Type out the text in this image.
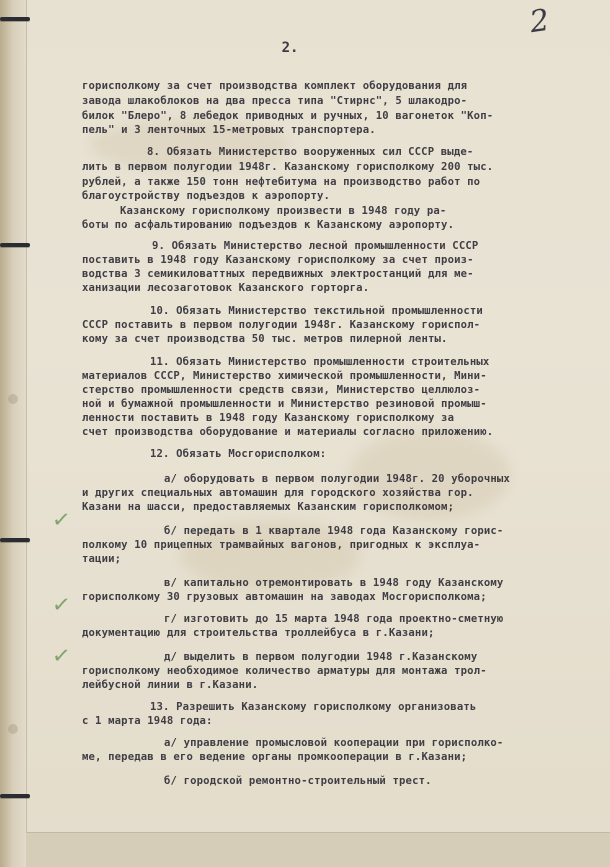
2
2.
✓
✓
✓
горисполкому за счет производства комплект оборудования для
завода шлакоблоков на два пресса типа "Стирнс", 5 шлакодро-
билок "Блеро", 8 лебедок приводных и ручных, 10 вагонеток "Коп-
пель" и 3 ленточных 15-метровых транспортера.
8. Обязать Министерство вооруженных сил СССР выде-
лить в первом полугодии 1948г. Казанскому горисполкому 200 тыс.
рублей, а также 150 тонн нефтебитума на производство работ по
благоустройству подъездов к аэропорту.
Казанскому горисполкому произвести в 1948 году ра-
боты по асфальтированию подъездов к Казанскому аэропорту.
9. Обязать Министерство лесной промышленности СССР
поставить в 1948 году Казанскому горисполкому за счет произ-
водства 3 семикиловаттных передвижных электростанций для ме-
ханизации лесозаготовок Казанского горторга.
10. Обязать Министерство текстильной промышленности
СССР поставить в первом полугодии 1948г. Казанскому гориспол-
кому за счет производства 50 тыс. метров пилерной ленты.
11. Обязать Министерство промышленности строительных
материалов СССР, Министерство химической промышленности, Мини-
стерство промышленности средств связи, Министерство целлюлоз-
ной и бумажной промышленности и Министерство резиновой промыш-
ленности поставить в 1948 году Казанскому горисполкому за
счет производства оборудование и материалы согласно приложению.
12. Обязать Мосгорисполком:
а/ оборудовать в первом полугодии 1948г. 20 уборочных
и других специальных автомашин для городского хозяйства гор.
Казани на шасси, предоставляемых Казанским горисполкомом;
б/ передать в 1 квартале 1948 года Казанскому горис-
полкому 10 прицепных трамвайных вагонов, пригодных к эксплуа-
тации;
в/ капитально отремонтировать в 1948 году Казанскому
горисполкому 30 грузовых автомашин на заводах Мосгорисполкома;
г/ изготовить до 15 марта 1948 года проектно-сметную
документацию для строительства троллейбуса в г.Казани;
д/ выделить в первом полугодии 1948 г.Казанскому
горисполкому необходимое количество арматуры для монтажа трол-
лейбусной линии в г.Казани.
13. Разрешить Казанскому горисполкому организовать
с 1 марта 1948 года:
а/ управление промысловой кооперации при горисполко-
ме, передав в его ведение органы промкооперации в г.Казани;
б/ городской ремонтно-строительный трест.
